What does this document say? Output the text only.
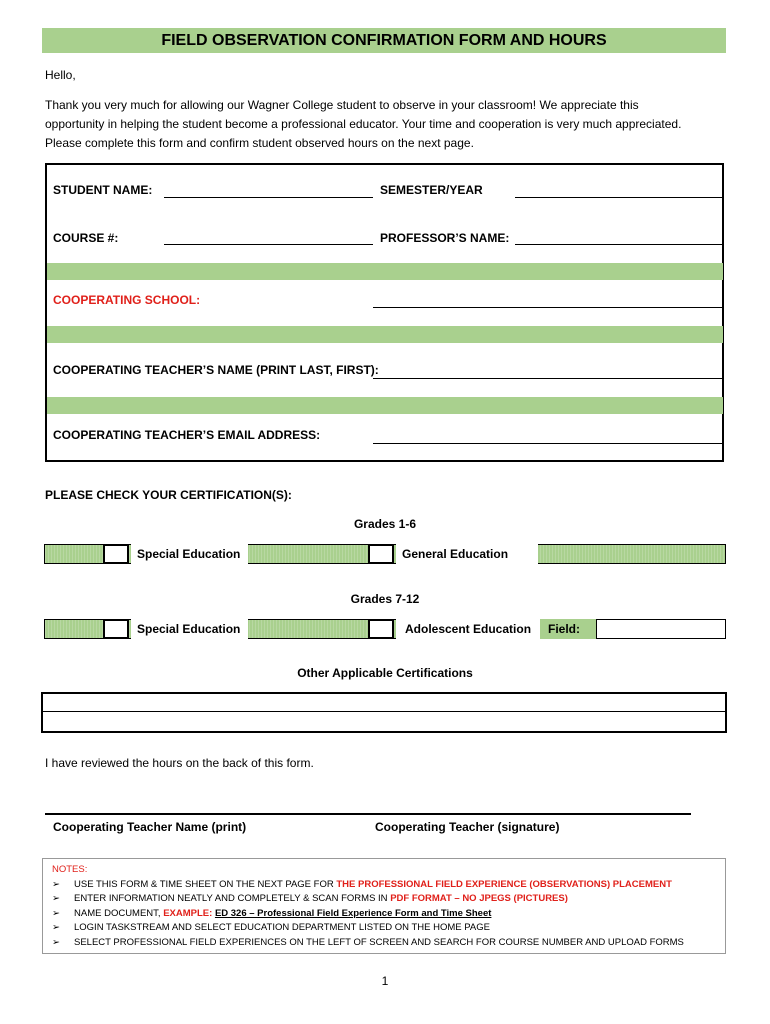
FIELD OBSERVATION CONFIRMATION FORM AND HOURS
Hello,
Thank you very much for allowing our Wagner College student to observe in your classroom! We appreciate this
opportunity in helping the student become a professional educator. Your time and cooperation is very much appreciated.
Please complete this form and confirm student observed hours on the next page.
STUDENT NAME:	SEMESTER/YEAR
COURSE #:	PROFESSOR’S NAME:
COOPERATING SCHOOL:
COOPERATING TEACHER’S NAME (PRINT LAST, FIRST):
COOPERATING TEACHER’S EMAIL ADDRESS:
PLEASE CHECK YOUR CERTIFICATION(S):
Grades 1-6
Special Education	General Education
Grades 7-12
Special Education	Adolescent Education	Field:
Other Applicable Certifications
I have reviewed the hours on the back of this form.
Cooperating Teacher Name (print)	Cooperating Teacher (signature)
NOTES:
➢ USE THIS FORM & TIME SHEET ON THE NEXT PAGE FOR THE PROFESSIONAL FIELD EXPERIENCE (OBSERVATIONS) PLACEMENT
➢ ENTER INFORMATION NEATLY AND COMPLETELY & SCAN FORMS IN PDF FORMAT – NO JPEGS (PICTURES)
➢ NAME DOCUMENT, EXAMPLE: ED 326 – Professional Field Experience Form and Time Sheet
➢ LOGIN TASKSTREAM AND SELECT EDUCATION DEPARTMENT LISTED ON THE HOME PAGE
➢ SELECT PROFESSIONAL FIELD EXPERIENCES ON THE LEFT OF SCREEN AND SEARCH FOR COURSE NUMBER AND UPLOAD FORMS
1
